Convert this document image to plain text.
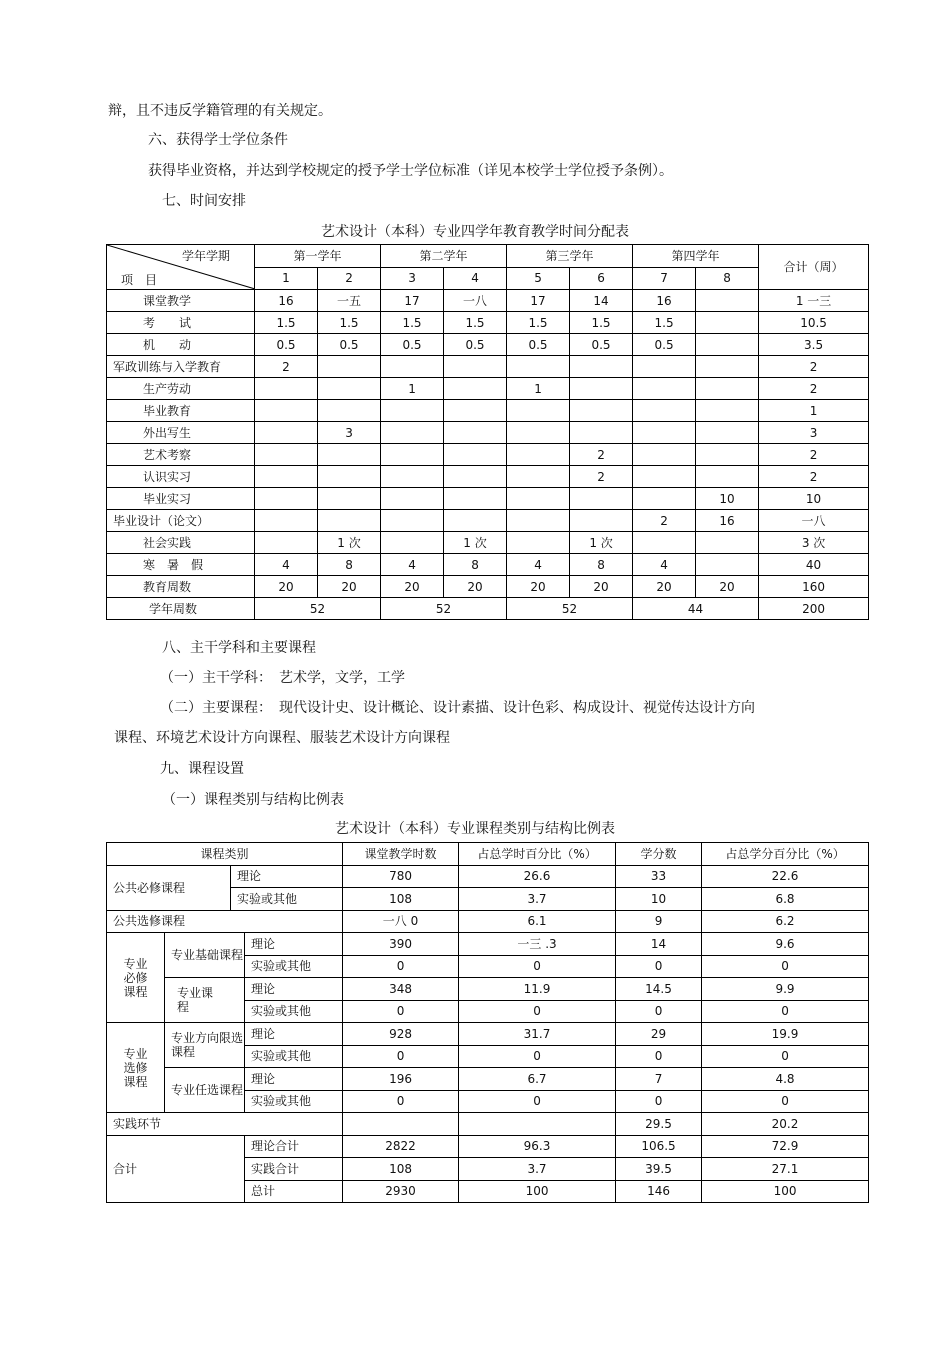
辩，且不违反学籍管理的有关规定。
六、获得学士学位条件
获得毕业资格，并达到学校规定的授予学士学位标准（详见本校学士学位授予条例）。
七、时间安排
艺术设计（本科）专业四学年教育教学时间分配表
学年学期
项　目	第一学年		第二学年		第三学年		第四学年		合计（周）
	1	2	3	4	5	6	7	8	
课堂教学	16	一五	17	一八	17	14	16		1 一三
考　　试	1.5	1.5	1.5	1.5	1.5	1.5	1.5		10.5
机　　动	0.5	0.5	0.5	0.5	0.5	0.5	0.5		3.5
军政训练与入学教育	2								2
生产劳动			1		1				2
毕业教育									1
外出写生		3							3
艺术考察						2			2
认识实习						2			2
毕业实习								10	10
毕业设计（论文）							2	16	一八
社会实践		1 次		1 次		1 次			3 次
寒　暑　假	4	8	4	8	4	8	4		40
教育周数	20	20	20	20	20	20	20	20	160
学年周数	52		52		52		44		200
八、主干学科和主要课程
（一）主干学科：　艺术学，文学，工学
（二）主要课程：　现代设计史、设计概论、设计素描、设计色彩、构成设计、视觉传达设计方向
课程、环境艺术设计方向课程、服装艺术设计方向课程
九、课程设置
（一）课程类别与结构比例表
艺术设计（本科）专业课程类别与结构比例表
课程类别				课堂教学时数	占总学时百分比（%）	学分数	占总学分百分比（%）
公共必修课程		理论		780	26.6	33	22.6
		实验或其他		108	3.7	10	6.8
公共选修课程				一八 0	6.1	9	6.2
专业必修课程	专业基础课程		理论	390	一三 .3	14	9.6
			实验或其他	0	0	0	0
	专业课程		理论	348	11.9	14.5	9.9
			实验或其他	0	0	0	0
专业选修课程	专业方向限选课程		理论	928	31.7	29	19.9
			实验或其他	0	0	0	0
	专业任选课程		理论	196	6.7	7	4.8
			实验或其他	0	0	0	0
实践环节						29.5	20.2
合计			理论合计	2822	96.3	106.5	72.9
			实践合计	108	3.7	39.5	27.1
			总计	2930	100	146	100
